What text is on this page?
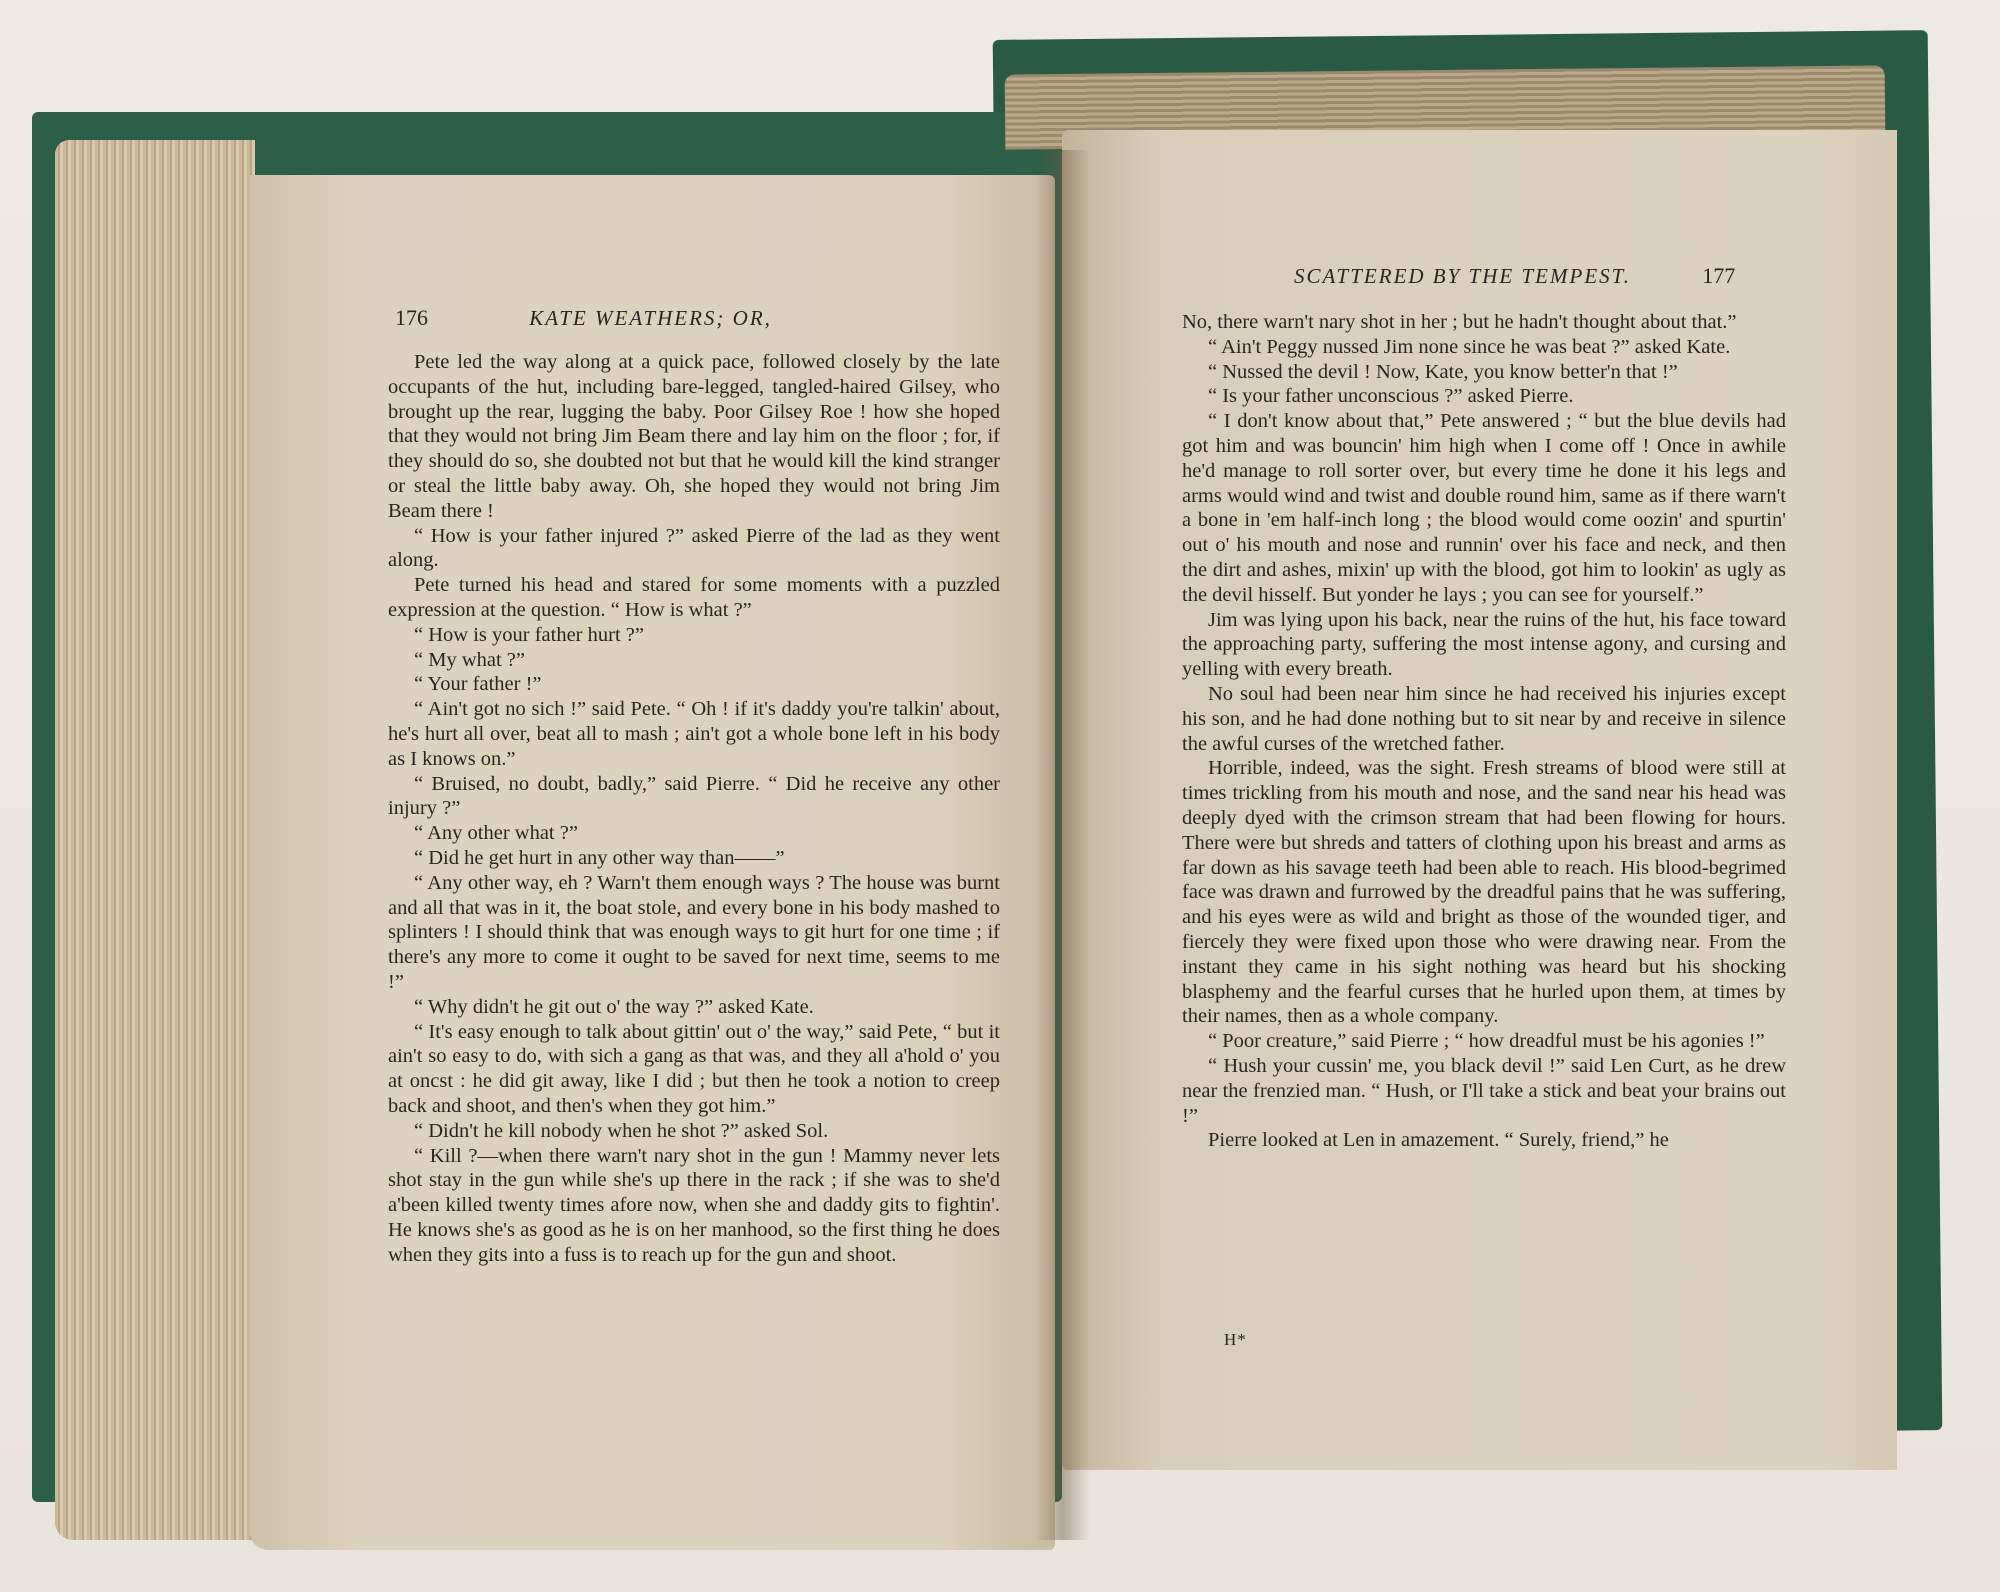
176	KATE WEATHERS; OR,

Pete led the way along at a quick pace, followed closely by the late occupants of the hut, including bare-legged, tangled-haired Gilsey, who brought up the rear, lugging the baby. Poor Gilsey Roe ! how she hoped that they would not bring Jim Beam there and lay him on the floor ; for, if they should do so, she doubted not but that he would kill the kind stranger or steal the little baby away. Oh, she hoped they would not bring Jim Beam there !

“ How is your father injured ?” asked Pierre of the lad as they went along.

Pete turned his head and stared for some moments with a puzzled expression at the question. “ How is what ?”

“ How is your father hurt ?”

“ My what ?”

“ Your father !”

“ Ain't got no sich !” said Pete. “ Oh ! if it's daddy you're talkin' about, he's hurt all over, beat all to mash ; ain't got a whole bone left in his body as I knows on.”

“ Bruised, no doubt, badly,” said Pierre. “ Did he receive any other injury ?”

“ Any other what ?”

“ Did he get hurt in any other way than——”

“ Any other way, eh ? Warn't them enough ways ? The house was burnt and all that was in it, the boat stole, and every bone in his body mashed to splinters ! I should think that was enough ways to git hurt for one time ; if there's any more to come it ought to be saved for next time, seems to me !”

“ Why didn't he git out o' the way ?” asked Kate.

“ It's easy enough to talk about gittin' out o' the way,” said Pete, “ but it ain't so easy to do, with sich a gang as that was, and they all a'hold o' you at oncst : he did git away, like I did ; but then he took a notion to creep back and shoot, and then's when they got him.”

“ Didn't he kill nobody when he shot ?” asked Sol.

“ Kill ?—when there warn't nary shot in the gun ! Mammy never lets shot stay in the gun while she's up there in the rack ; if she was to she'd a'been killed twenty times afore now, when she and daddy gits to fightin'. He knows she's as good as he is on her manhood, so the first thing he does when they gits into a fuss is to reach up for the gun and shoot.

SCATTERED BY THE TEMPEST.	177

No, there warn't nary shot in her ; but he hadn't thought about that.”

“ Ain't Peggy nussed Jim none since he was beat ?” asked Kate.

“ Nussed the devil ! Now, Kate, you know better'n that !”

“ Is your father unconscious ?” asked Pierre.

“ I don't know about that,” Pete answered ; “ but the blue devils had got him and was bouncin' him high when I come off ! Once in awhile he'd manage to roll sorter over, but every time he done it his legs and arms would wind and twist and double round him, same as if there warn't a bone in 'em half-inch long ; the blood would come oozin' and spurtin' out o' his mouth and nose and runnin' over his face and neck, and then the dirt and ashes, mixin' up with the blood, got him to lookin' as ugly as the devil hisself. But yonder he lays ; you can see for yourself.”

Jim was lying upon his back, near the ruins of the hut, his face toward the approaching party, suffering the most intense agony, and cursing and yelling with every breath.

No soul had been near him since he had received his injuries except his son, and he had done nothing but to sit near by and receive in silence the awful curses of the wretched father.

Horrible, indeed, was the sight. Fresh streams of blood were still at times trickling from his mouth and nose, and the sand near his head was deeply dyed with the crimson stream that had been flowing for hours. There were but shreds and tatters of clothing upon his breast and arms as far down as his savage teeth had been able to reach. His blood-begrimed face was drawn and furrowed by the dreadful pains that he was suffering, and his eyes were as wild and bright as those of the wounded tiger, and fiercely they were fixed upon those who were drawing near. From the instant they came in his sight nothing was heard but his shocking blasphemy and the fearful curses that he hurled upon them, at times by their names, then as a whole company.

“ Poor creature,” said Pierre ; “ how dreadful must be his agonies !”

“ Hush your cussin' me, you black devil !” said Len Curt, as he drew near the frenzied man. “ Hush, or I'll take a stick and beat your brains out !”

Pierre looked at Len in amazement. “ Surely, friend,” he

H*
